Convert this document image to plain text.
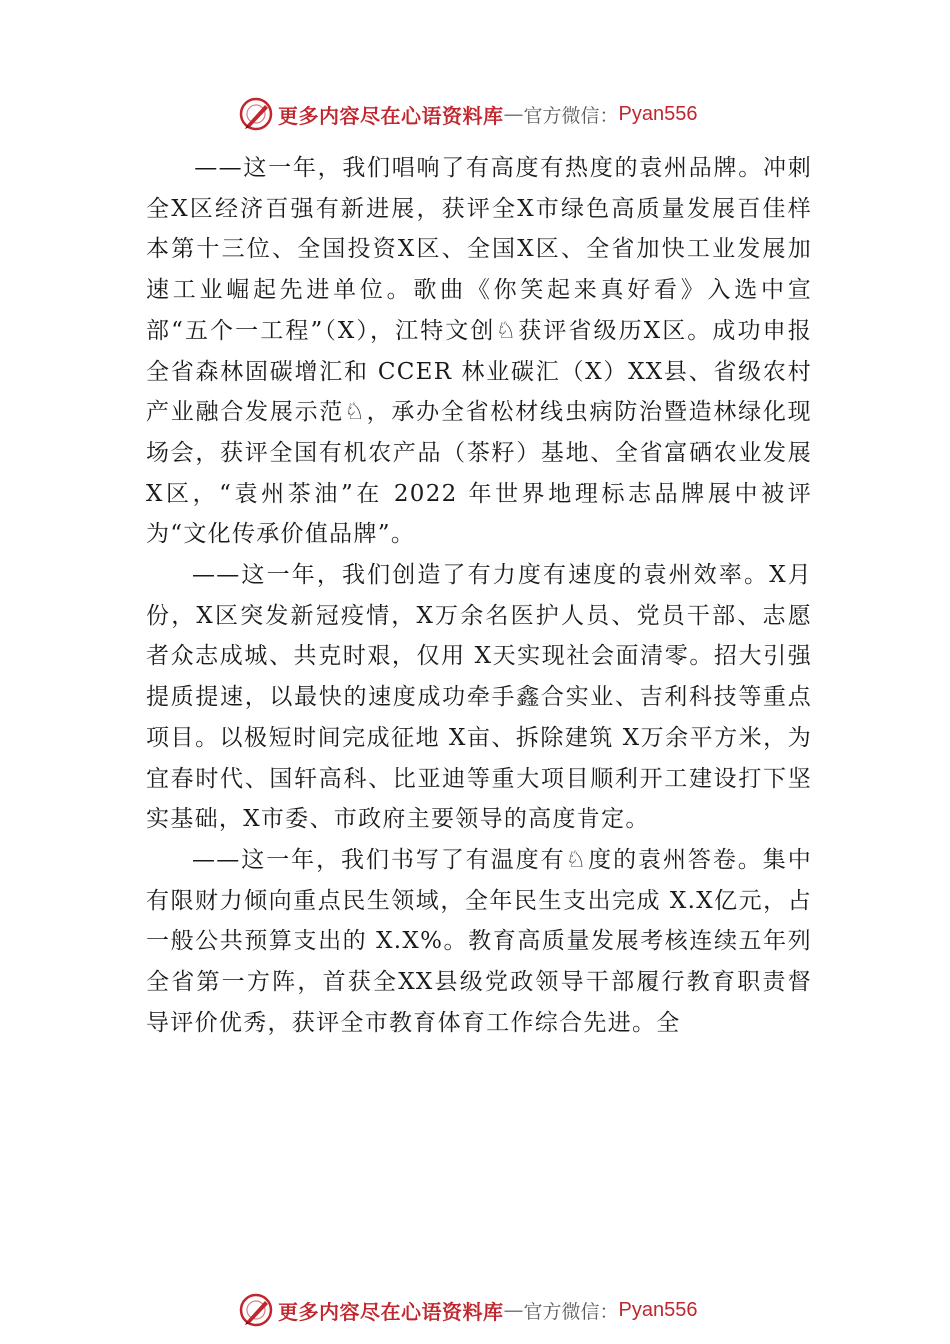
更多内容尽在心语资料库 — 官方微信： Pyan556

——这一年，我们唱响了有高度有热度的袁州品牌。冲刺全X区经济百强有新进展，获评全X市绿色高质量发展百佳样本第十三位、全国投资X区、全国X区、全省加快工业发展加速工业崛起先进单位。歌曲《你笑起来真好看》入选中宣部“五个一工程”（X），江特文创♘获评省级历X区。成功申报全省森林固碳增汇和 CCER 林业碳汇（X）XX县、省级农村产业融合发展示范♘，承办全省松材线虫病防治暨造林绿化现场会，获评全国有机农产品（茶籽）基地、全省富硒农业发展X区，“袁州茶油”在 2022 年世界地理标志品牌展中被评为“文化传承价值品牌”。

——这一年，我们创造了有力度有速度的袁州效率。X月份，X区突发新冠疫情，X万余名医护人员、党员干部、志愿者众志成城、共克时艰，仅用 X天实现社会面清零。招大引强提质提速，以最快的速度成功牵手鑫合实业、吉利科技等重点项目。以极短时间完成征地 X亩、拆除建筑 X万余平方米，为宜春时代、国轩高科、比亚迪等重大项目顺利开工建设打下坚实基础，X市委、市政府主要领导的高度肯定。

——这一年，我们书写了有温度有♘度的袁州答卷。集中有限财力倾向重点民生领域，全年民生支出完成 X.X亿元，占一般公共预算支出的 X.X%。教育高质量发展考核连续五年列全省第一方阵，首获全XX县级党政领导干部履行教育职责督导评价优秀，获评全市教育体育工作综合先进。全

更多内容尽在心语资料库 — 官方微信： Pyan556
